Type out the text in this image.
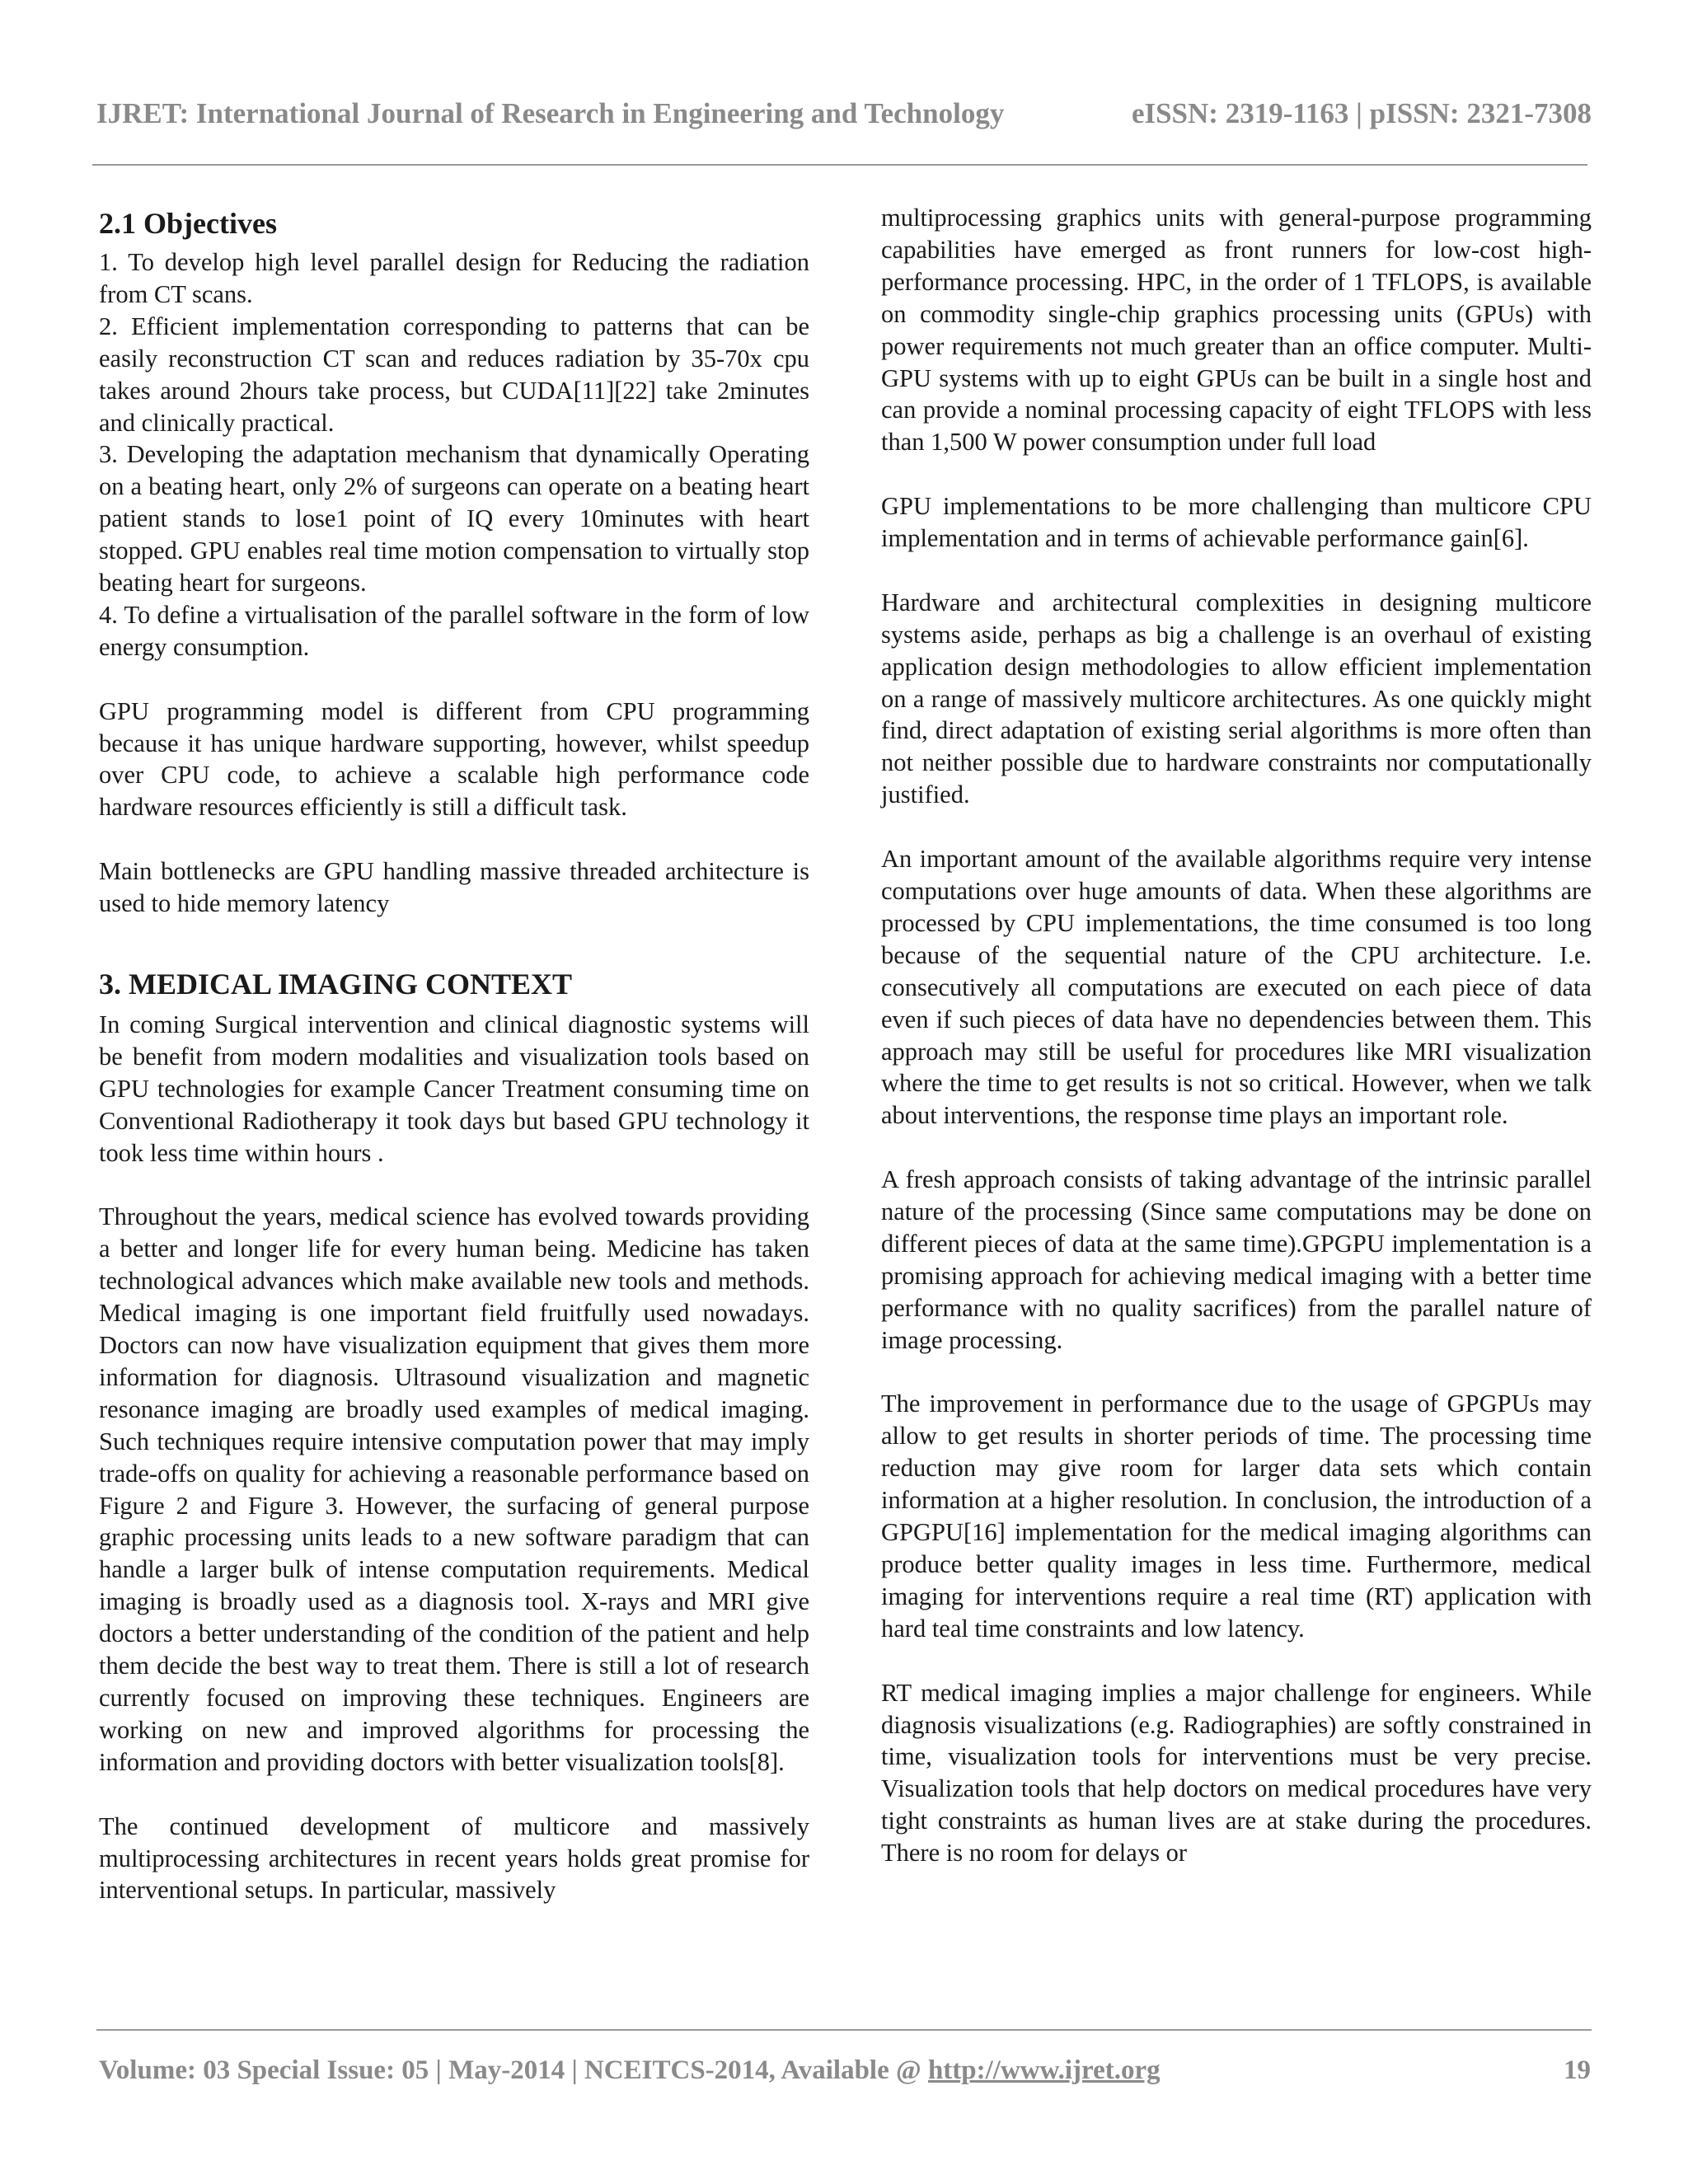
IJRET: International Journal of Research in Engineering and Technology	eISSN: 2319-1163 | pISSN: 2321-7308
2.1 Objectives

1. To develop high level parallel design for Reducing the radiation from CT scans.

2. Efficient implementation corresponding to patterns that can be easily reconstruction CT scan and reduces radiation by 35-70x cpu takes around 2hours take process, but CUDA[11][22] take 2minutes and clinically practical.

3. Developing the adaptation mechanism that dynamically Operating on a beating heart, only 2% of surgeons can operate on a beating heart patient stands to lose1 point of IQ every 10minutes with heart stopped. GPU enables real time motion compensation to virtually stop beating heart for surgeons.

4. To define a virtualisation of the parallel software in the form of low energy consumption.

GPU programming model is different from CPU programming because it has unique hardware supporting, however, whilst speedup over CPU code, to achieve a scalable high performance code hardware resources efficiently is still a difficult task.

Main bottlenecks are GPU handling massive threaded architecture is used to hide memory latency

3. MEDICAL IMAGING CONTEXT

In coming Surgical intervention and clinical diagnostic systems will be benefit from modern modalities and visualization tools based on GPU technologies for example Cancer Treatment consuming time on Conventional Radiotherapy it took days but based GPU technology it took less time within hours .

Throughout the years, medical science has evolved towards providing a better and longer life for every human being. Medicine has taken technological advances which make available new tools and methods. Medical imaging is one important field fruitfully used nowadays. Doctors can now have visualization equipment that gives them more information for diagnosis. Ultrasound visualization and magnetic resonance imaging are broadly used examples of medical imaging. Such techniques require intensive computation power that may imply trade-offs on quality for achieving a reasonable performance based on Figure 2 and Figure 3. However, the surfacing of general purpose graphic processing units leads to a new software paradigm that can handle a larger bulk of intense computation requirements. Medical imaging is broadly used as a diagnosis tool. X-rays and MRI give doctors a better understanding of the condition of the patient and help them decide the best way to treat them. There is still a lot of research currently focused on improving these techniques. Engineers are working on new and improved algorithms for processing the information and providing doctors with better visualization tools[8].

The continued development of multicore and massively multiprocessing architectures in recent years holds great promise for interventional setups. In particular, massively

multiprocessing graphics units with general-purpose programming capabilities have emerged as front runners for low-cost high-performance processing. HPC, in the order of 1 TFLOPS, is available on commodity single-chip graphics processing units (GPUs) with power requirements not much greater than an office computer. Multi-GPU systems with up to eight GPUs can be built in a single host and can provide a nominal processing capacity of eight TFLOPS with less than 1,500 W power consumption under full load

GPU implementations to be more challenging than multicore CPU implementation and in terms of achievable performance gain[6].

Hardware and architectural complexities in designing multicore systems aside, perhaps as big a challenge is an overhaul of existing application design methodologies to allow efficient implementation on a range of massively multicore architectures. As one quickly might find, direct adaptation of existing serial algorithms is more often than not neither possible due to hardware constraints nor computationally justified.

An important amount of the available algorithms require very intense computations over huge amounts of data. When these algorithms are processed by CPU implementations, the time consumed is too long because of the sequential nature of the CPU architecture. I.e. consecutively all computations are executed on each piece of data even if such pieces of data have no dependencies between them. This approach may still be useful for procedures like MRI visualization where the time to get results is not so critical. However, when we talk about interventions, the response time plays an important role.

A fresh approach consists of taking advantage of the intrinsic parallel nature of the processing (Since same computations may be done on different pieces of data at the same time).GPGPU implementation is a promising approach for achieving medical imaging with a better time performance with no quality sacrifices) from the parallel nature of image processing.

The improvement in performance due to the usage of GPGPUs may allow to get results in shorter periods of time. The processing time reduction may give room for larger data sets which contain information at a higher resolution. In conclusion, the introduction of a GPGPU[16] implementation for the medical imaging algorithms can produce better quality images in less time. Furthermore, medical imaging for interventions require a real time (RT) application with hard teal time constraints and low latency.

RT medical imaging implies a major challenge for engineers. While diagnosis visualizations (e.g. Radiographies) are softly constrained in time, visualization tools for interventions must be very precise. Visualization tools that help doctors on medical procedures have very tight constraints as human lives are at stake during the procedures. There is no room for delays or

Volume: 03 Special Issue: 05 | May-2014 | NCEITCS-2014, Available @ http://www.ijret.org	19
